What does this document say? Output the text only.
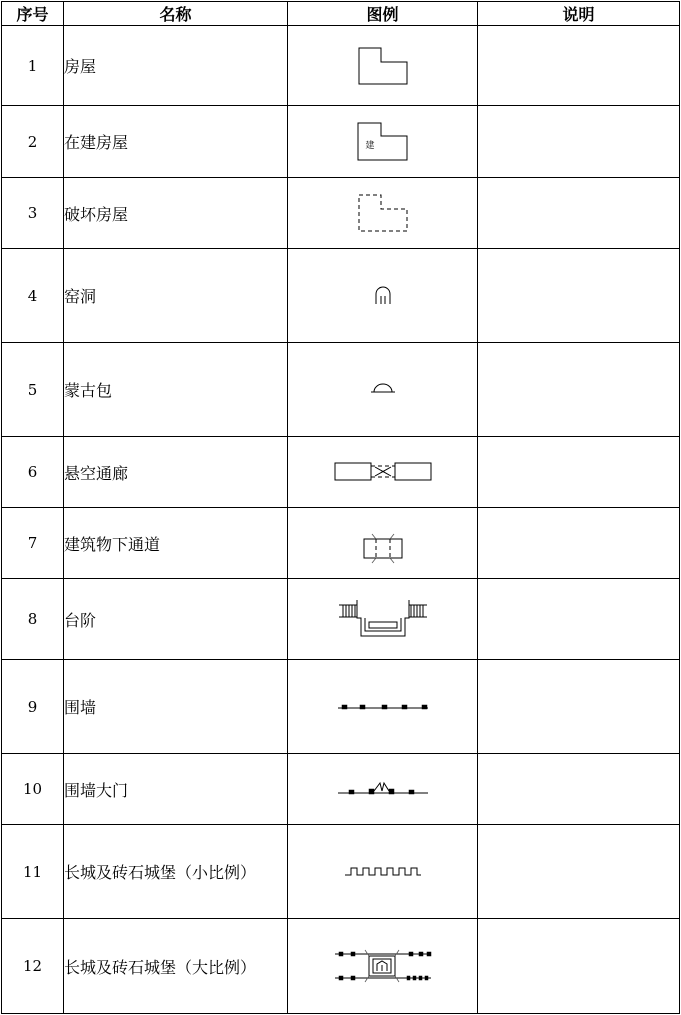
序号	名称	图例	说明
1	房屋	

2	在建房屋	建	

3	破坏房屋	

4	窑洞	

5	蒙古包	

6	悬空通廊	

7	建筑物下通道	

8	台阶	

9	围墙	

10	围墙大门	

11	长城及砖石城堡（小比例）	

12	长城及砖石城堡（大比例）	
